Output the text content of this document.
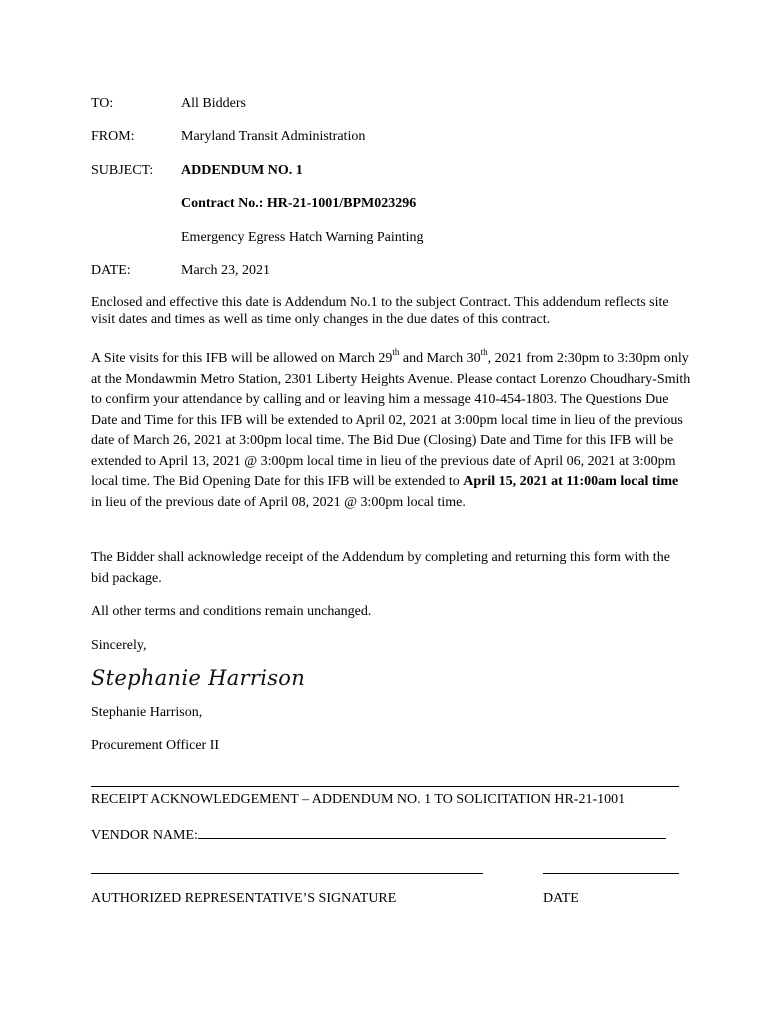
TO:	All Bidders
FROM:	Maryland Transit Administration
SUBJECT: ADDENDUM NO. 1
Contract No.: HR-21-1001/BPM023296
Emergency Egress Hatch Warning Painting
DATE:	March 23, 2021
Enclosed and effective this date is Addendum No.1 to the subject Contract. This addendum reflects site visit dates and times as well as time only changes in the due dates of this contract.
A Site visits for this IFB will be allowed on March 29th and March 30th, 2021 from 2:30pm to 3:30pm only at the Mondawmin Metro Station, 2301 Liberty Heights Avenue. Please contact Lorenzo Choudhary-Smith to confirm your attendance by calling and or leaving him a message 410-454-1803. The Questions Due Date and Time for this IFB will be extended to April 02, 2021 at 3:00pm local time in lieu of the previous date of March 26, 2021 at 3:00pm local time. The Bid Due (Closing) Date and Time for this IFB will be extended to April 13, 2021 @ 3:00pm local time in lieu of the previous date of April 06, 2021 at 3:00pm local time. The Bid Opening Date for this IFB will be extended to April 15, 2021 at 11:00am local time in lieu of the previous date of April 08, 2021 @ 3:00pm local time.
The Bidder shall acknowledge receipt of the Addendum by completing and returning this form with the bid package.
All other terms and conditions remain unchanged.
Sincerely,
Stephanie Harrison
Stephanie Harrison,
Procurement Officer II
RECEIPT ACKNOWLEDGEMENT – ADDENDUM NO. 1 TO SOLICITATION HR-21-1001
VENDOR NAME:
AUTHORIZED REPRESENTATIVE’S SIGNATURE	DATE
